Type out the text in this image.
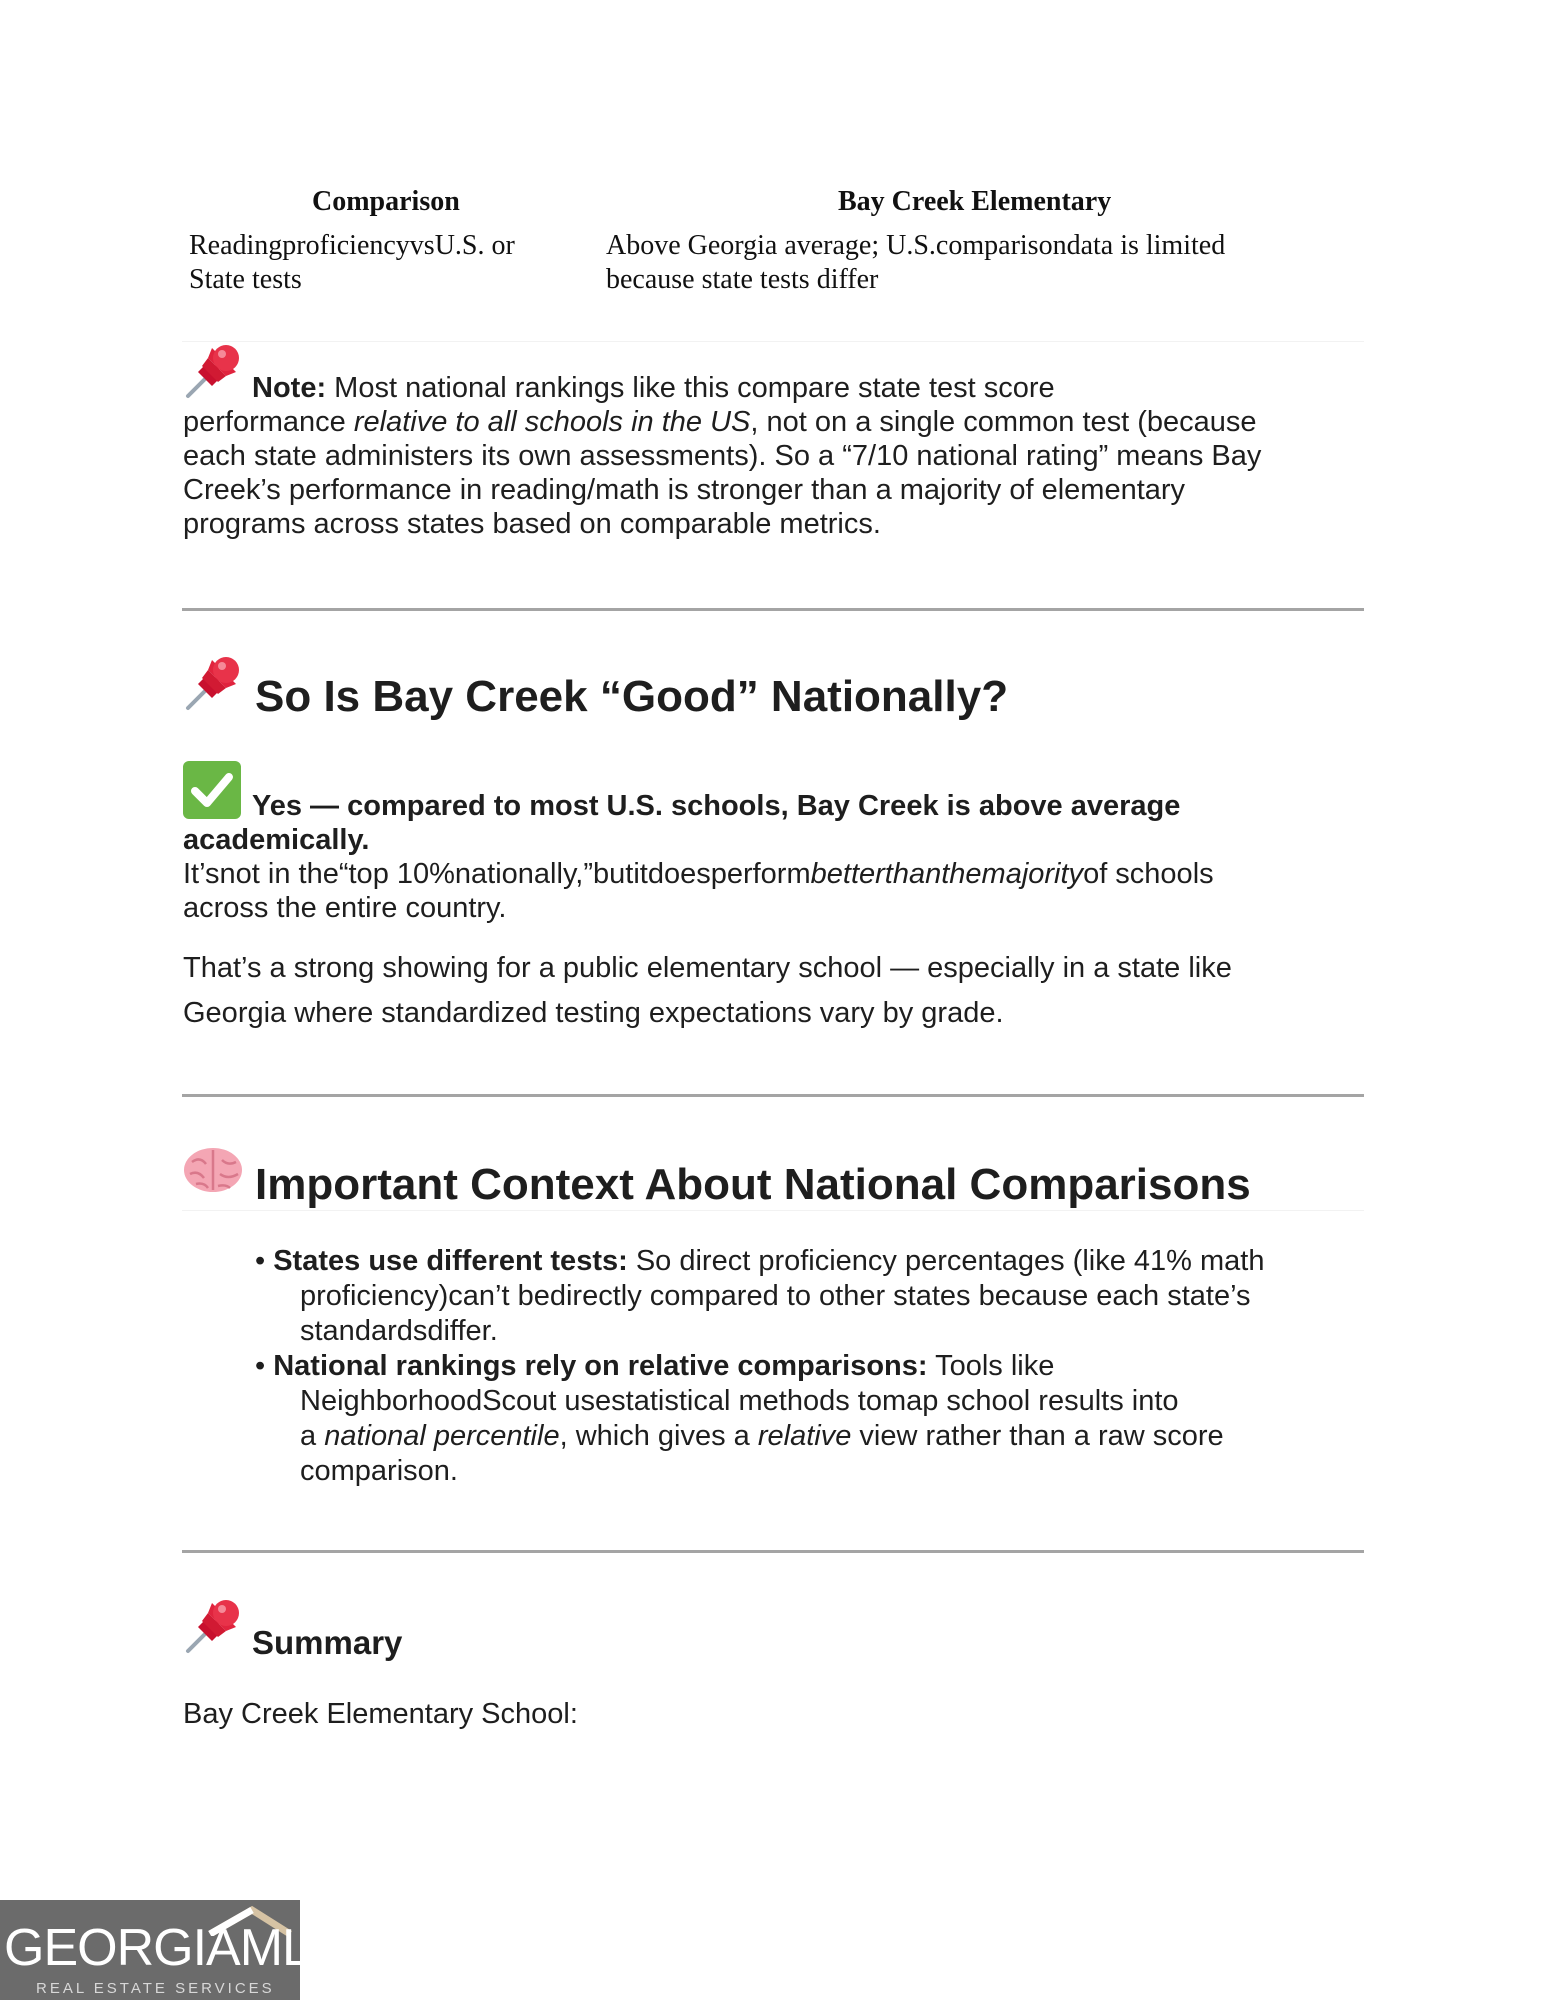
Comparison	Bay Creek Elementary
ReadingproficiencyvsU.S. or
State tests
Above Georgia average; U.S.comparisondata is limited
because state tests differ
Note: Most national rankings like this compare state test score
performance relative to all schools in the US, not on a single common test (because
each state administers its own assessments). So a “7/10 national rating” means Bay
Creek’s performance in reading/math is stronger than a majority of elementary
programs across states based on comparable metrics.
So Is Bay Creek “Good” Nationally?
Yes — compared to most U.S. schools, Bay Creek is above average
academically.
It’snot in the“top 10%nationally,”butitdoesperformbetterthanthemajorityof schools
across the entire country.
That’s a strong showing for a public elementary school — especially in a state like
Georgia where standardized testing expectations vary by grade.
Important Context About National Comparisons
• States use different tests: So direct proficiency percentages (like 41% math
proficiency)can’t bedirectly compared to other states because each state’s
standardsdiffer.
• National rankings rely on relative comparisons: Tools like
NeighborhoodScout usestatistical methods tomap school results into
a national percentile, which gives a relative view rather than a raw score
comparison.
Summary
Bay Creek Elementary School:
GEORGIAMLS
REAL ESTATE SERVICES
